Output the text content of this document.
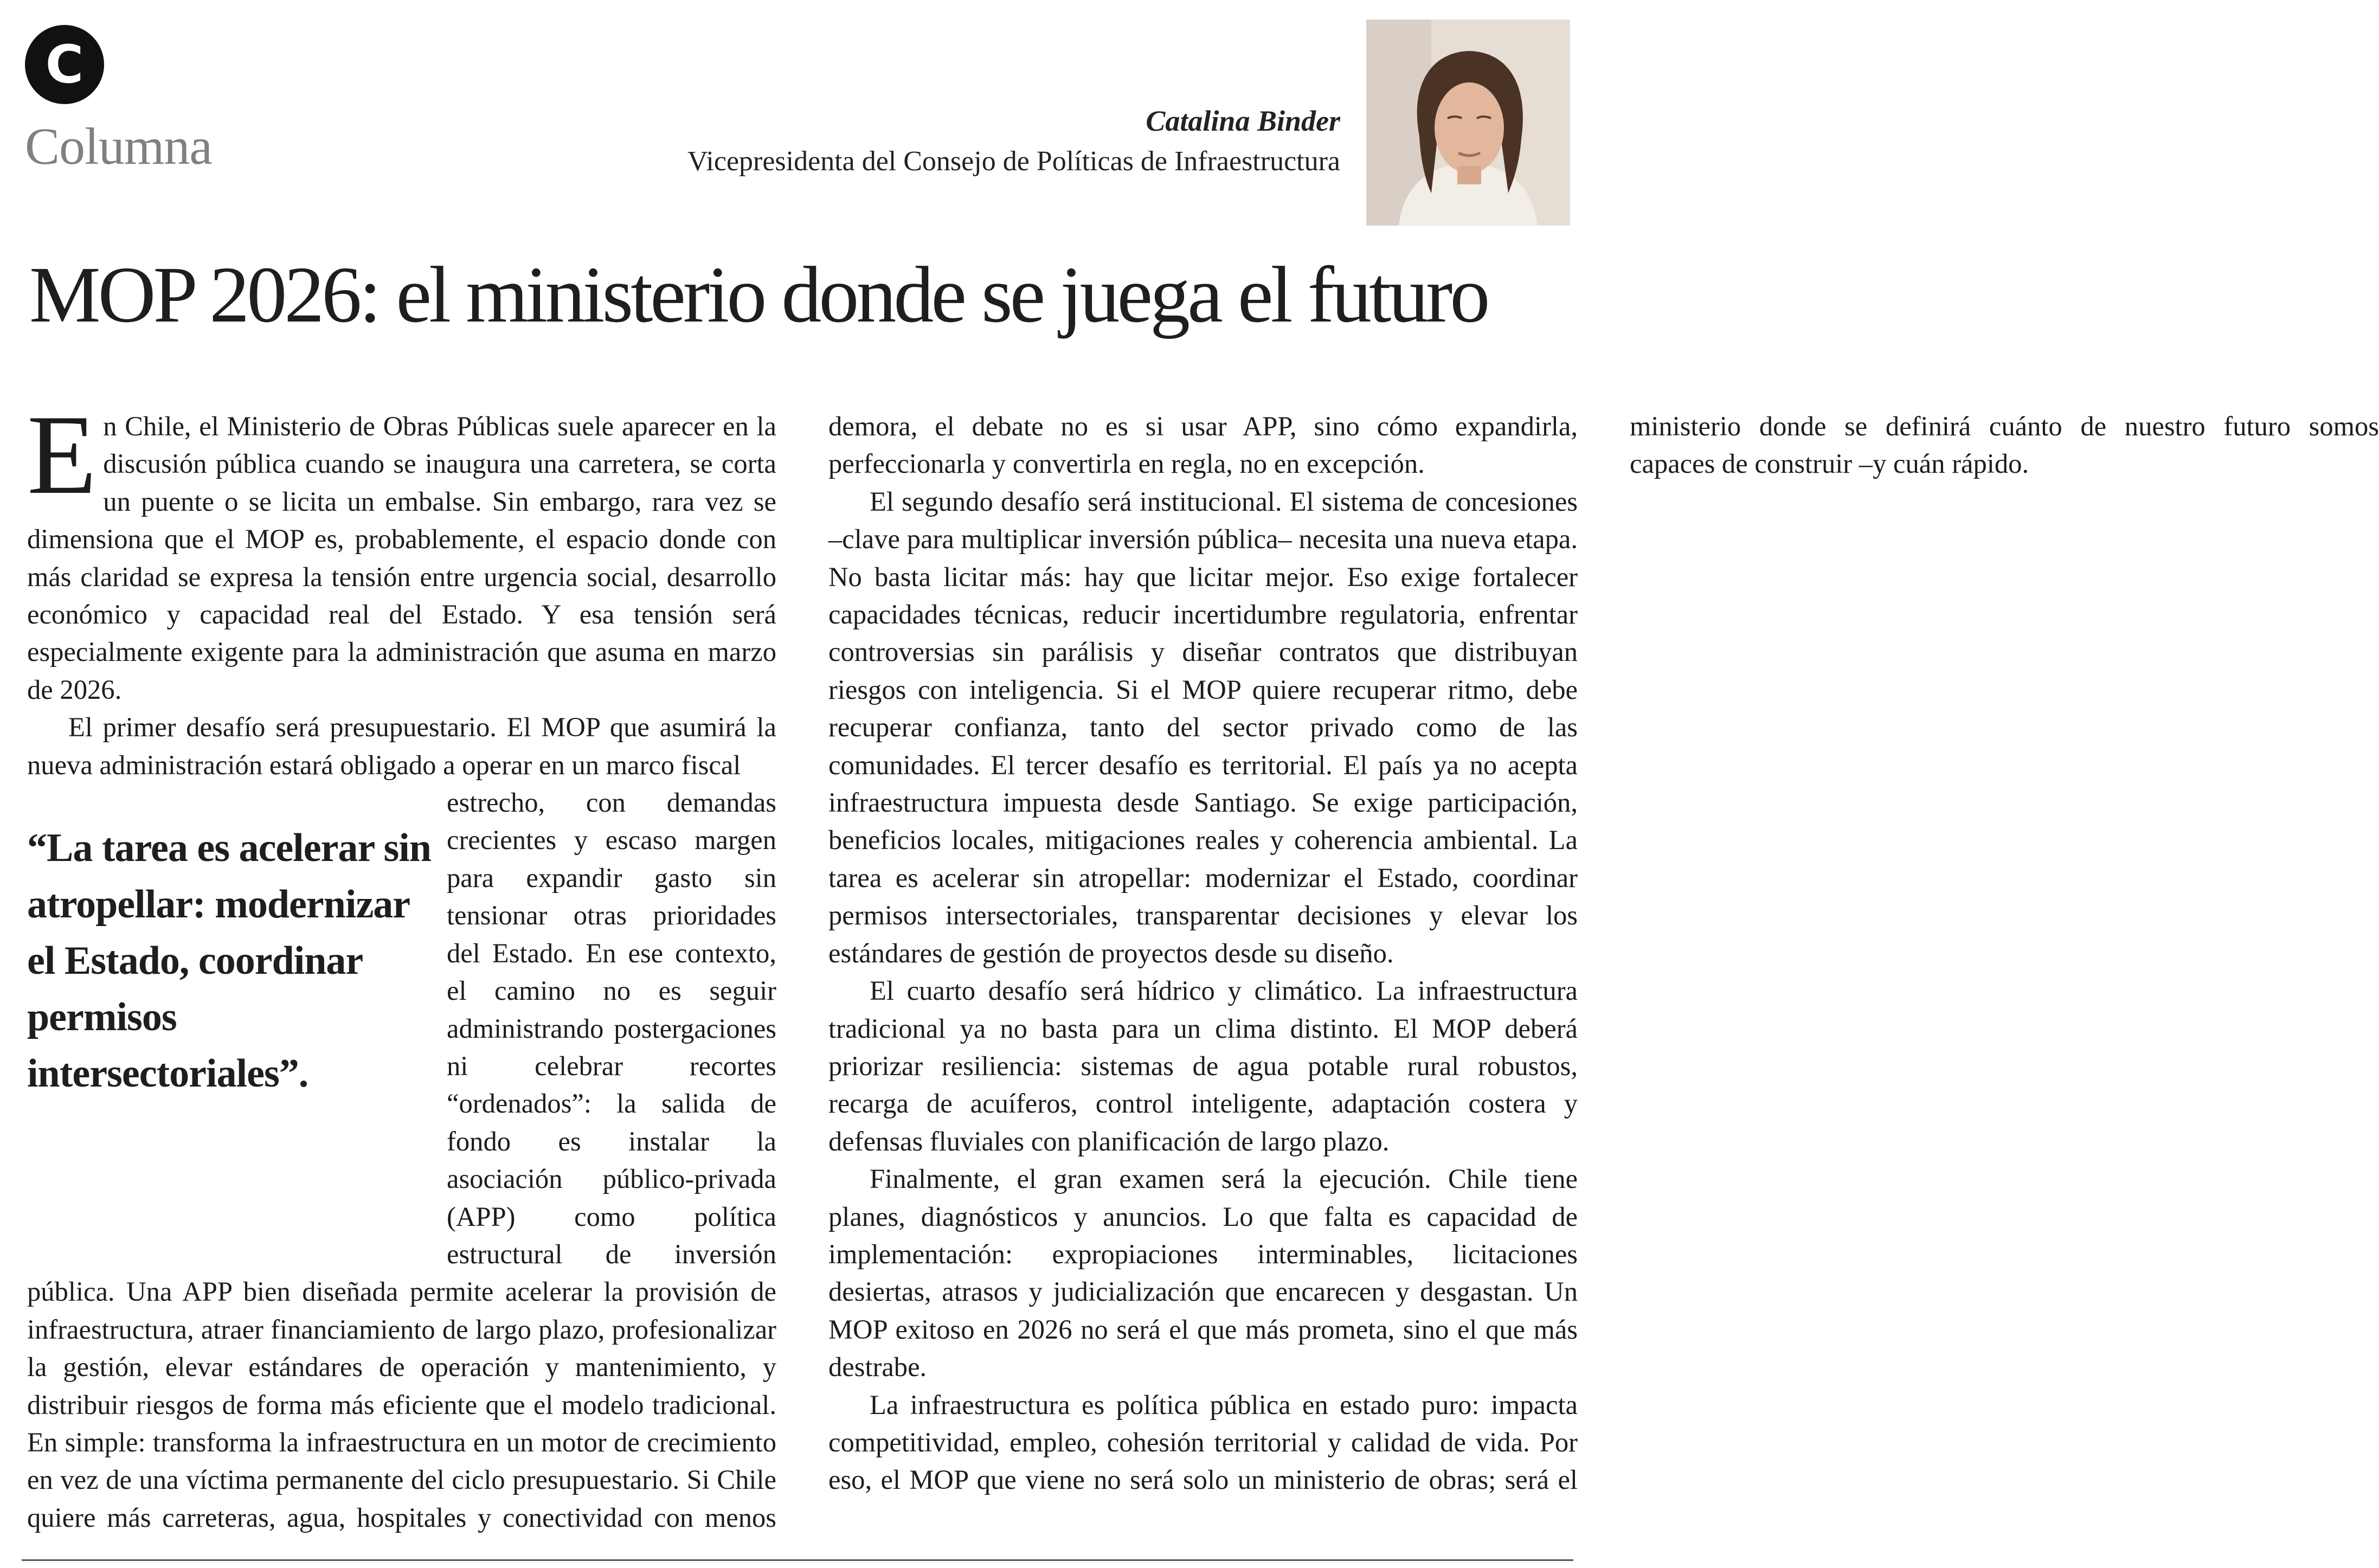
C
Columna	Catalina Binder
Vicepresidenta del Consejo de Políticas de Infraestructura
MOP 2026: el ministerio donde se juega el futuro

En Chile, el Ministerio de Obras Públicas suele aparecer en la discusión pública cuando se inaugura una carretera, se corta un puente o se licita un embalse. Sin embargo, rara vez se dimensiona que el MOP es, probablemente, el espacio donde con más claridad se expresa la tensión entre urgencia social, desarrollo económico y capacidad real del Estado. Y esa tensión será especialmente exigente para la administración que asuma en marzo de 2026.

El primer desafío será presupuestario. El MOP que asumirá la nueva administración estará obligado a operar en un marco fiscal

“La tarea es acelerar sin atropellar: modernizar el Estado, coordinar permisos intersectoriales”.
estrecho, con demandas crecientes y escaso margen para expandir gasto sin tensionar otras prioridades del Estado. En ese contexto, el camino no es seguir administrando postergaciones ni celebrar recortes “ordenados”: la salida de fondo es instalar la asociación público-privada (APP) como política estructural de inversión pública. Una APP bien diseñada permite acelerar la provisión de infraestructura, atraer financiamiento de largo plazo, profesionalizar la gestión, elevar estándares de operación y mantenimiento, y distribuir riesgos de forma más eficiente que el modelo tradicional. En simple: transforma la infraestructura en un motor de crecimiento en vez de una víctima permanente del ciclo presupuestario. Si Chile quiere más carreteras, agua, hospitales y conectividad con menos demora, el debate no es si usar APP, sino cómo expandirla, perfeccionarla y convertirla en regla, no en excepción.

El segundo desafío será institucional. El sistema de concesiones –clave para multiplicar inversión pública– necesita una nueva etapa. No basta licitar más: hay que licitar mejor. Eso exige fortalecer capacidades técnicas, reducir incertidumbre regulatoria, enfrentar controversias sin parálisis y diseñar contratos que distribuyan riesgos con inteligencia. Si el MOP quiere recuperar ritmo, debe recuperar confianza, tanto del sector privado como de las comunidades. El tercer desafío es territorial. El país ya no acepta infraestructura impuesta desde Santiago. Se exige participación, beneficios locales, mitigaciones reales y coherencia ambiental. La tarea es acelerar sin atropellar: modernizar el Estado, coordinar permisos intersectoriales, transparentar decisiones y elevar los estándares de gestión de proyectos desde su diseño.

El cuarto desafío será hídrico y climático. La infraestructura tradicional ya no basta para un clima distinto. El MOP deberá priorizar resiliencia: sistemas de agua potable rural robustos, recarga de acuíferos, control inteligente, adaptación costera y defensas fluviales con planificación de largo plazo.

Finalmente, el gran examen será la ejecución. Chile tiene planes, diagnósticos y anuncios. Lo que falta es capacidad de implementación: expropiaciones interminables, licitaciones desiertas, atrasos y judicialización que encarecen y desgastan. Un MOP exitoso en 2026 no será el que más prometa, sino el que más destrabe.

La infraestructura es política pública en estado puro: impacta competitividad, empleo, cohesión territorial y calidad de vida. Por eso, el MOP que viene no será solo un ministerio de obras; será el ministerio donde se definirá cuánto de nuestro futuro somos capaces de construir –y cuán rápido.
